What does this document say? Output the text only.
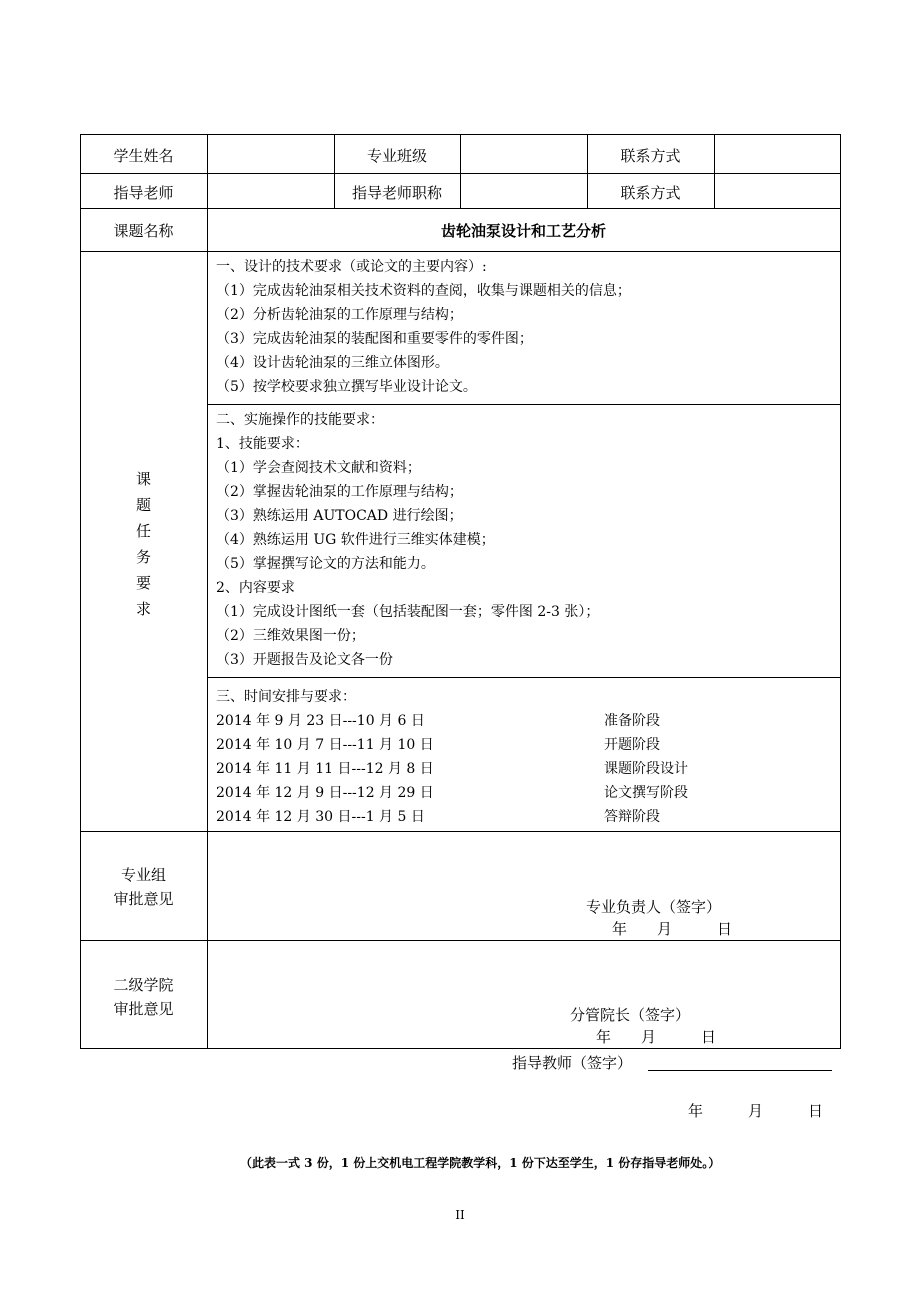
学生姓名	专业班级	联系方式
指导老师	指导老师职称	联系方式
课题名称	齿轮油泵设计和工艺分析
课
题
任
务
要
求
一、设计的技术要求（或论文的主要内容）:
（1）完成齿轮油泵相关技术资料的查阅，收集与课题相关的信息；
（2）分析齿轮油泵的工作原理与结构；
（3）完成齿轮油泵的装配图和重要零件的零件图；
（4）设计齿轮油泵的三维立体图形。
（5）按学校要求独立撰写毕业设计论文。
二、实施操作的技能要求：
1、技能要求：
（1）学会查阅技术文献和资料；
（2）掌握齿轮油泵的工作原理与结构；
（3）熟练运用 AUTOCAD 进行绘图；
（4）熟练运用 UG 软件进行三维实体建模；
（5）掌握撰写论文的方法和能力。
2、内容要求
（1）完成设计图纸一套（包括装配图一套；零件图 2-3 张）；
（2）三维效果图一份；
（3）开题报告及论文各一份
三、时间安排与要求：
2014 年 9 月 23 日---10 月 6 日	准备阶段
2014 年 10 月 7 日---11 月 10 日	开题阶段
2014 年 11 月 11 日---12 月 8 日	课题阶段设计
2014 年 12 月 9 日---12 月 29 日	论文撰写阶段
2014 年 12 月 30 日---1 月 5 日	答辩阶段
专业组
审批意见	专业负责人（签字）
年　　月　　　日
二级学院
审批意见	分管院长（签字）
年　　月　　　日
指导教师（签字）
年　　　月　　　日
（此表一式 3 份，1 份上交机电工程学院教学科，1 份下达至学生，1 份存指导老师处。）
II
